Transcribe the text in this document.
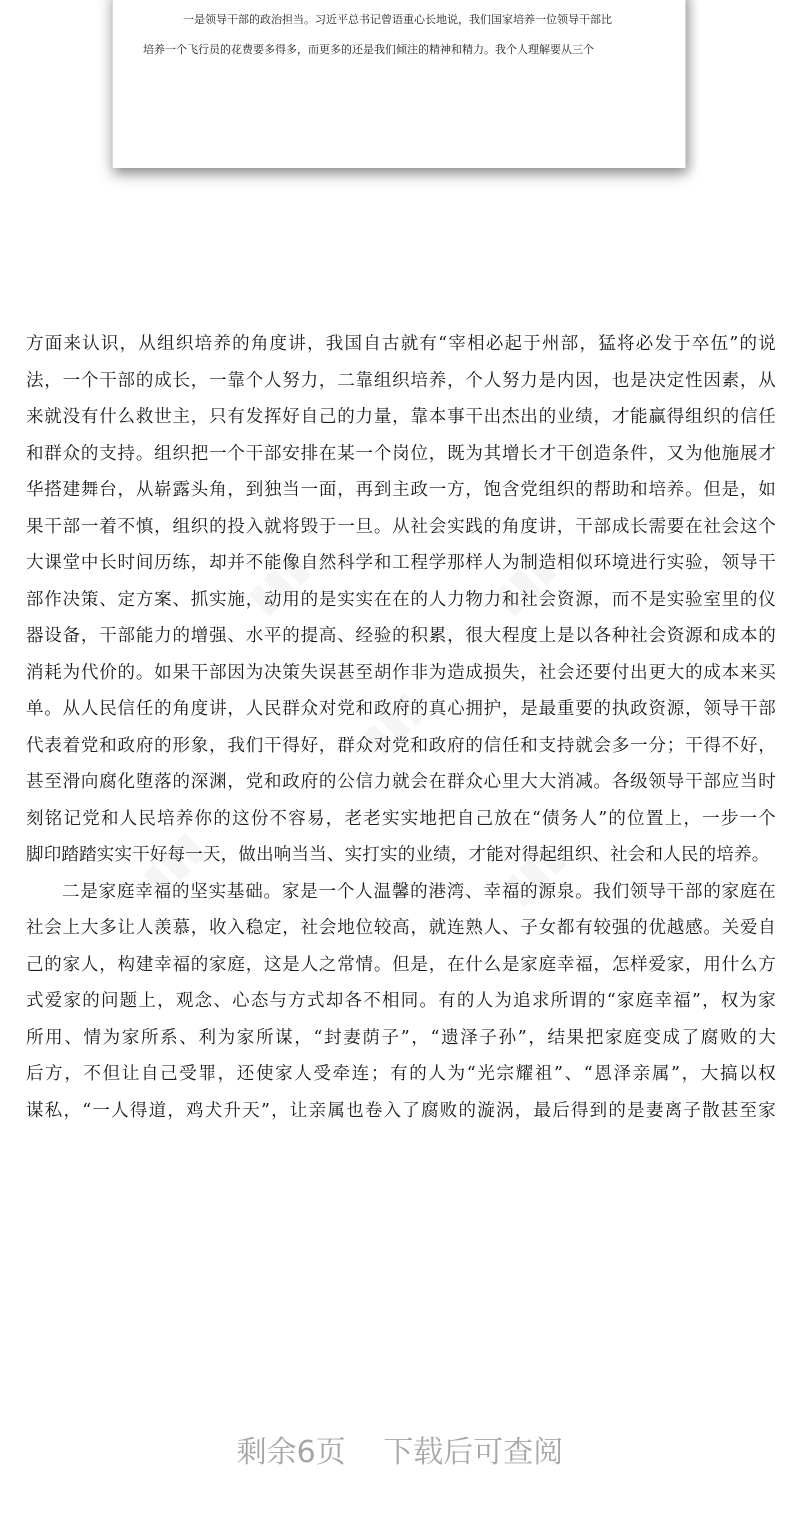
一是领导干部的政治担当。习近平总书记曾语重心长地说，我们国家培养一位领导干部比
培养一个飞行员的花费要多得多，而更多的还是我们倾注的精神和精力。我个人理解要从三个
▮▮▮	▮▮▮
▮▮▮
▮▮▮
▮▮▮
方面来认识，从组织培养的角度讲，我国自古就有“宰相必起于州部，猛将必发于卒伍”的说
法，一个干部的成长，一靠个人努力，二靠组织培养，个人努力是内因，也是决定性因素，从
来就没有什么救世主，只有发挥好自己的力量，靠本事干出杰出的业绩，才能赢得组织的信任
和群众的支持。组织把一个干部安排在某一个岗位，既为其增长才干创造条件，又为他施展才
华搭建舞台，从崭露头角，到独当一面，再到主政一方，饱含党组织的帮助和培养。但是，如
果干部一着不慎，组织的投入就将毁于一旦。从社会实践的角度讲，干部成长需要在社会这个
大课堂中长时间历练，却并不能像自然科学和工程学那样人为制造相似环境进行实验，领导干
部作决策、定方案、抓实施，动用的是实实在在的人力物力和社会资源，而不是实验室里的仪
器设备，干部能力的增强、水平的提高、经验的积累，很大程度上是以各种社会资源和成本的
消耗为代价的。如果干部因为决策失误甚至胡作非为造成损失，社会还要付出更大的成本来买
单。从人民信任的角度讲，人民群众对党和政府的真心拥护，是最重要的执政资源，领导干部
代表着党和政府的形象，我们干得好，群众对党和政府的信任和支持就会多一分；干得不好，
甚至滑向腐化堕落的深渊，党和政府的公信力就会在群众心里大大消减。各级领导干部应当时
刻铭记党和人民培养你的这份不容易，老老实实地把自己放在“债务人”的位置上，一步一个
脚印踏踏实实干好每一天，做出响当当、实打实的业绩，才能对得起组织、社会和人民的培养。
二是家庭幸福的坚实基础。家是一个人温馨的港湾、幸福的源泉。我们领导干部的家庭在
社会上大多让人羡慕，收入稳定，社会地位较高，就连熟人、子女都有较强的优越感。关爱自
己的家人，构建幸福的家庭，这是人之常情。但是，在什么是家庭幸福，怎样爱家，用什么方
式爱家的问题上，观念、心态与方式却各不相同。有的人为追求所谓的“家庭幸福”，权为家
所用、情为家所系、利为家所谋，“封妻荫子”，“遗泽子孙”，结果把家庭变成了腐败的大
后方，不但让自己受罪，还使家人受牵连；有的人为“光宗耀祖”、“恩泽亲属”，大搞以权
谋私，“一人得道，鸡犬升天”，让亲属也卷入了腐败的漩涡，最后得到的是妻离子散甚至家
剩余6页 下载后可查阅
